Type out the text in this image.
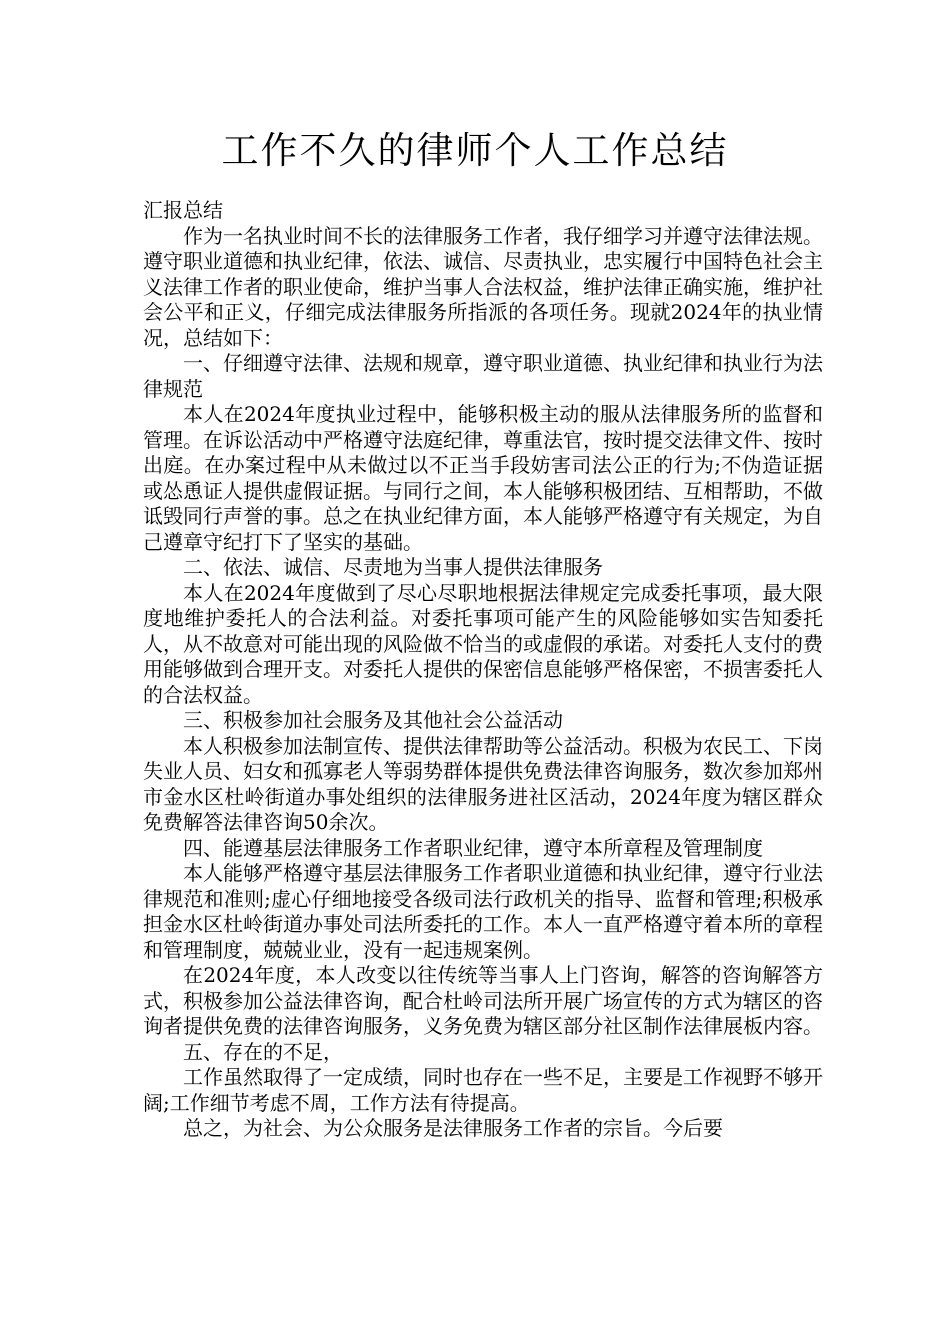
工作不久的律师个人工作总结

汇报总结

作为一名执业时间不长的法律服务工作者，我仔细学习并遵守法律法规。遵守职业道德和执业纪律，依法、诚信、尽责执业，忠实履行中国特色社会主义法律工作者的职业使命，维护当事人合法权益，维护法律正确实施，维护社会公平和正义，仔细完成法律服务所指派的各项任务。现就2024年的执业情况，总结如下：

一、仔细遵守法律、法规和规章，遵守职业道德、执业纪律和执业行为法律规范

本人在2024年度执业过程中，能够积极主动的服从法律服务所的监督和管理。在诉讼活动中严格遵守法庭纪律，尊重法官，按时提交法律文件、按时出庭。在办案过程中从未做过以不正当手段妨害司法公正的行为;不伪造证据或怂恿证人提供虚假证据。与同行之间，本人能够积极团结、互相帮助，不做诋毁同行声誉的事。总之在执业纪律方面，本人能够严格遵守有关规定，为自己遵章守纪打下了坚实的基础。

二、依法、诚信、尽责地为当事人提供法律服务

本人在2024年度做到了尽心尽职地根据法律规定完成委托事项，最大限度地维护委托人的合法利益。对委托事项可能产生的风险能够如实告知委托人，从不故意对可能出现的风险做不恰当的或虚假的承诺。对委托人支付的费用能够做到合理开支。对委托人提供的保密信息能够严格保密，不损害委托人的合法权益。

三、积极参加社会服务及其他社会公益活动

本人积极参加法制宣传、提供法律帮助等公益活动。积极为农民工、下岗失业人员、妇女和孤寡老人等弱势群体提供免费法律咨询服务，数次参加郑州市金水区杜岭街道办事处组织的法律服务进社区活动，2024年度为辖区群众免费解答法律咨询50余次。

四、能遵基层法律服务工作者职业纪律，遵守本所章程及管理制度

本人能够严格遵守基层法律服务工作者职业道德和执业纪律，遵守行业法律规范和准则;虚心仔细地接受各级司法行政机关的指导、监督和管理;积极承担金水区杜岭街道办事处司法所委托的工作。本人一直严格遵守着本所的章程和管理制度，兢兢业业，没有一起违规案例。

在2024年度，本人改变以往传统等当事人上门咨询，解答的咨询解答方式，积极参加公益法律咨询，配合杜岭司法所开展广场宣传的方式为辖区的咨询者提供免费的法律咨询服务，义务免费为辖区部分社区制作法律展板内容。

五、存在的不足，

工作虽然取得了一定成绩，同时也存在一些不足，主要是工作视野不够开阔;工作细节考虑不周，工作方法有待提高。

总之，为社会、为公众服务是法律服务工作者的宗旨。今后要
